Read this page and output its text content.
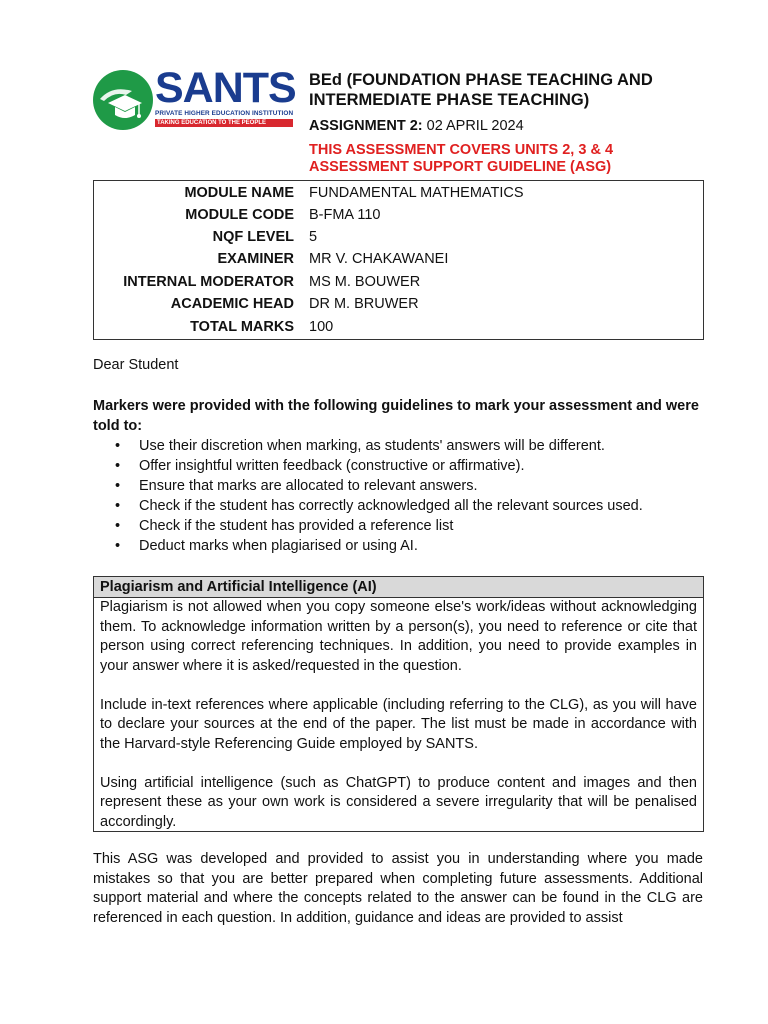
SANTS
PRIVATE HIGHER EDUCATION INSTITUTION
TAKING EDUCATION TO THE PEOPLE
BEd (FOUNDATION PHASE TEACHING AND INTERMEDIATE PHASE TEACHING)
ASSIGNMENT 2: 02 APRIL 2024
THIS ASSESSMENT COVERS UNITS 2, 3 & 4
ASSESSMENT SUPPORT GUIDELINE (ASG)
MODULE NAME FUNDAMENTAL MATHEMATICS
MODULE CODE B-FMA 110
NQF LEVEL 5
EXAMINER MR V. CHAKAWANEI
INTERNAL MODERATOR MS M. BOUWER
ACADEMIC HEAD DR M. BRUWER
TOTAL MARKS 100
Dear Student
Markers were provided with the following guidelines to mark your assessment and were told to:
• Use their discretion when marking, as students' answers will be different.
• Offer insightful written feedback (constructive or affirmative).
• Ensure that marks are allocated to relevant answers.
• Check if the student has correctly acknowledged all the relevant sources used.
• Check if the student has provided a reference list
• Deduct marks when plagiarised or using AI.
Plagiarism and Artificial Intelligence (AI)

Plagiarism is not allowed when you copy someone else's work/ideas without acknowledging them. To acknowledge information written by a person(s), you need to reference or cite that person using correct referencing techniques. In addition, you need to provide examples in your answer where it is asked/requested in the question.

Include in-text references where applicable (including referring to the CLG), as you will have to declare your sources at the end of the paper. The list must be made in accordance with the Harvard-style Referencing Guide employed by SANTS.

Using artificial intelligence (such as ChatGPT) to produce content and images and then represent these as your own work is considered a severe irregularity that will be penalised accordingly.

This ASG was developed and provided to assist you in understanding where you made mistakes so that you are better prepared when completing future assessments. Additional support material and where the concepts related to the answer can be found in the CLG are referenced in each question. In addition, guidance and ideas are provided to assist
